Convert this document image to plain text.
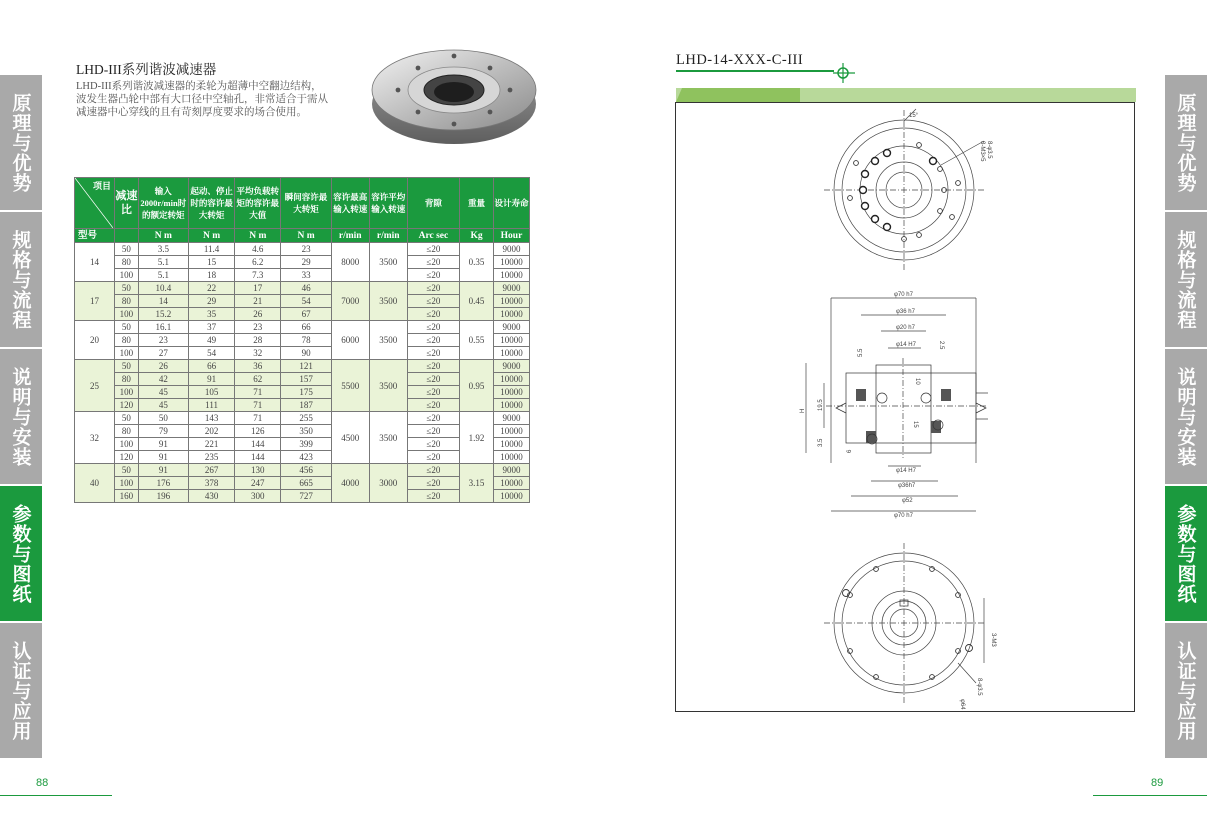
原理与优势
规格与流程
说明与安装
参数与图纸
认证与应用
原理与优势
规格与流程
说明与安装
参数与图纸
认证与应用
LHD-III系列谐波减速器
LHD-III系列谐波减速器的柔轮为超薄中空翻边结构，波发生器凸轮中部有大口径中空轴孔，非常适合于需从减速器中心穿线的且有苛刻厚度要求的场合使用。
项目	减速比	输入2000r/min时的额定转矩	起动、停止时的容许最大转矩	平均负载转矩的容许最大值	瞬间容许最大转矩	容许最高输入转速	容许平均输入转速	背隙	重量	设计寿命
型号		N m	N m	N m	N m	r/min	r/min	Arc sec	Kg	Hour
14	50	3.5	11.4	4.6	23	8000	3500	≤20	0.35	9000
	80	5.1	15	6.2	29			≤20		10000
	100	5.1	18	7.3	33			≤20		10000
17	50	10.4	22	17	46	7000	3500	≤20	0.45	9000
	80	14	29	21	54			≤20		10000
	100	15.2	35	26	67			≤20		10000
20	50	16.1	37	23	66	6000	3500	≤20	0.55	9000
	80	23	49	28	78			≤20		10000
	100	27	54	32	90			≤20		10000
25	50	26	66	36	121	5500	3500	≤20	0.95	9000
	80	42	91	62	157			≤20		10000
	100	45	105	71	175			≤20		10000
	120	45	111	71	187			≤20		10000
32	50	50	143	71	255	4500	3500	≤20	1.92	9000
	80	79	202	126	350			≤20		10000
	100	91	221	144	399			≤20		10000
	120	91	235	144	423			≤20		10000
40	50	91	267	130	456	4000	3000	≤20	3.15	9000
	100	176	378	247	665			≤20		10000
	160	196	430	300	727			≤20		10000
88
LHD-14-XXX-C-III
15°
8-φ3.5
8-M3×5
φ70 h7
φ36 h7
φ20 h7
φ14 H7
H 19.5
5.5
6
3.5
10
2.5
15
φ14 H7
φ36h7
φ52
φ70 h7
3-M3
8-φ3.5
φ64
89
